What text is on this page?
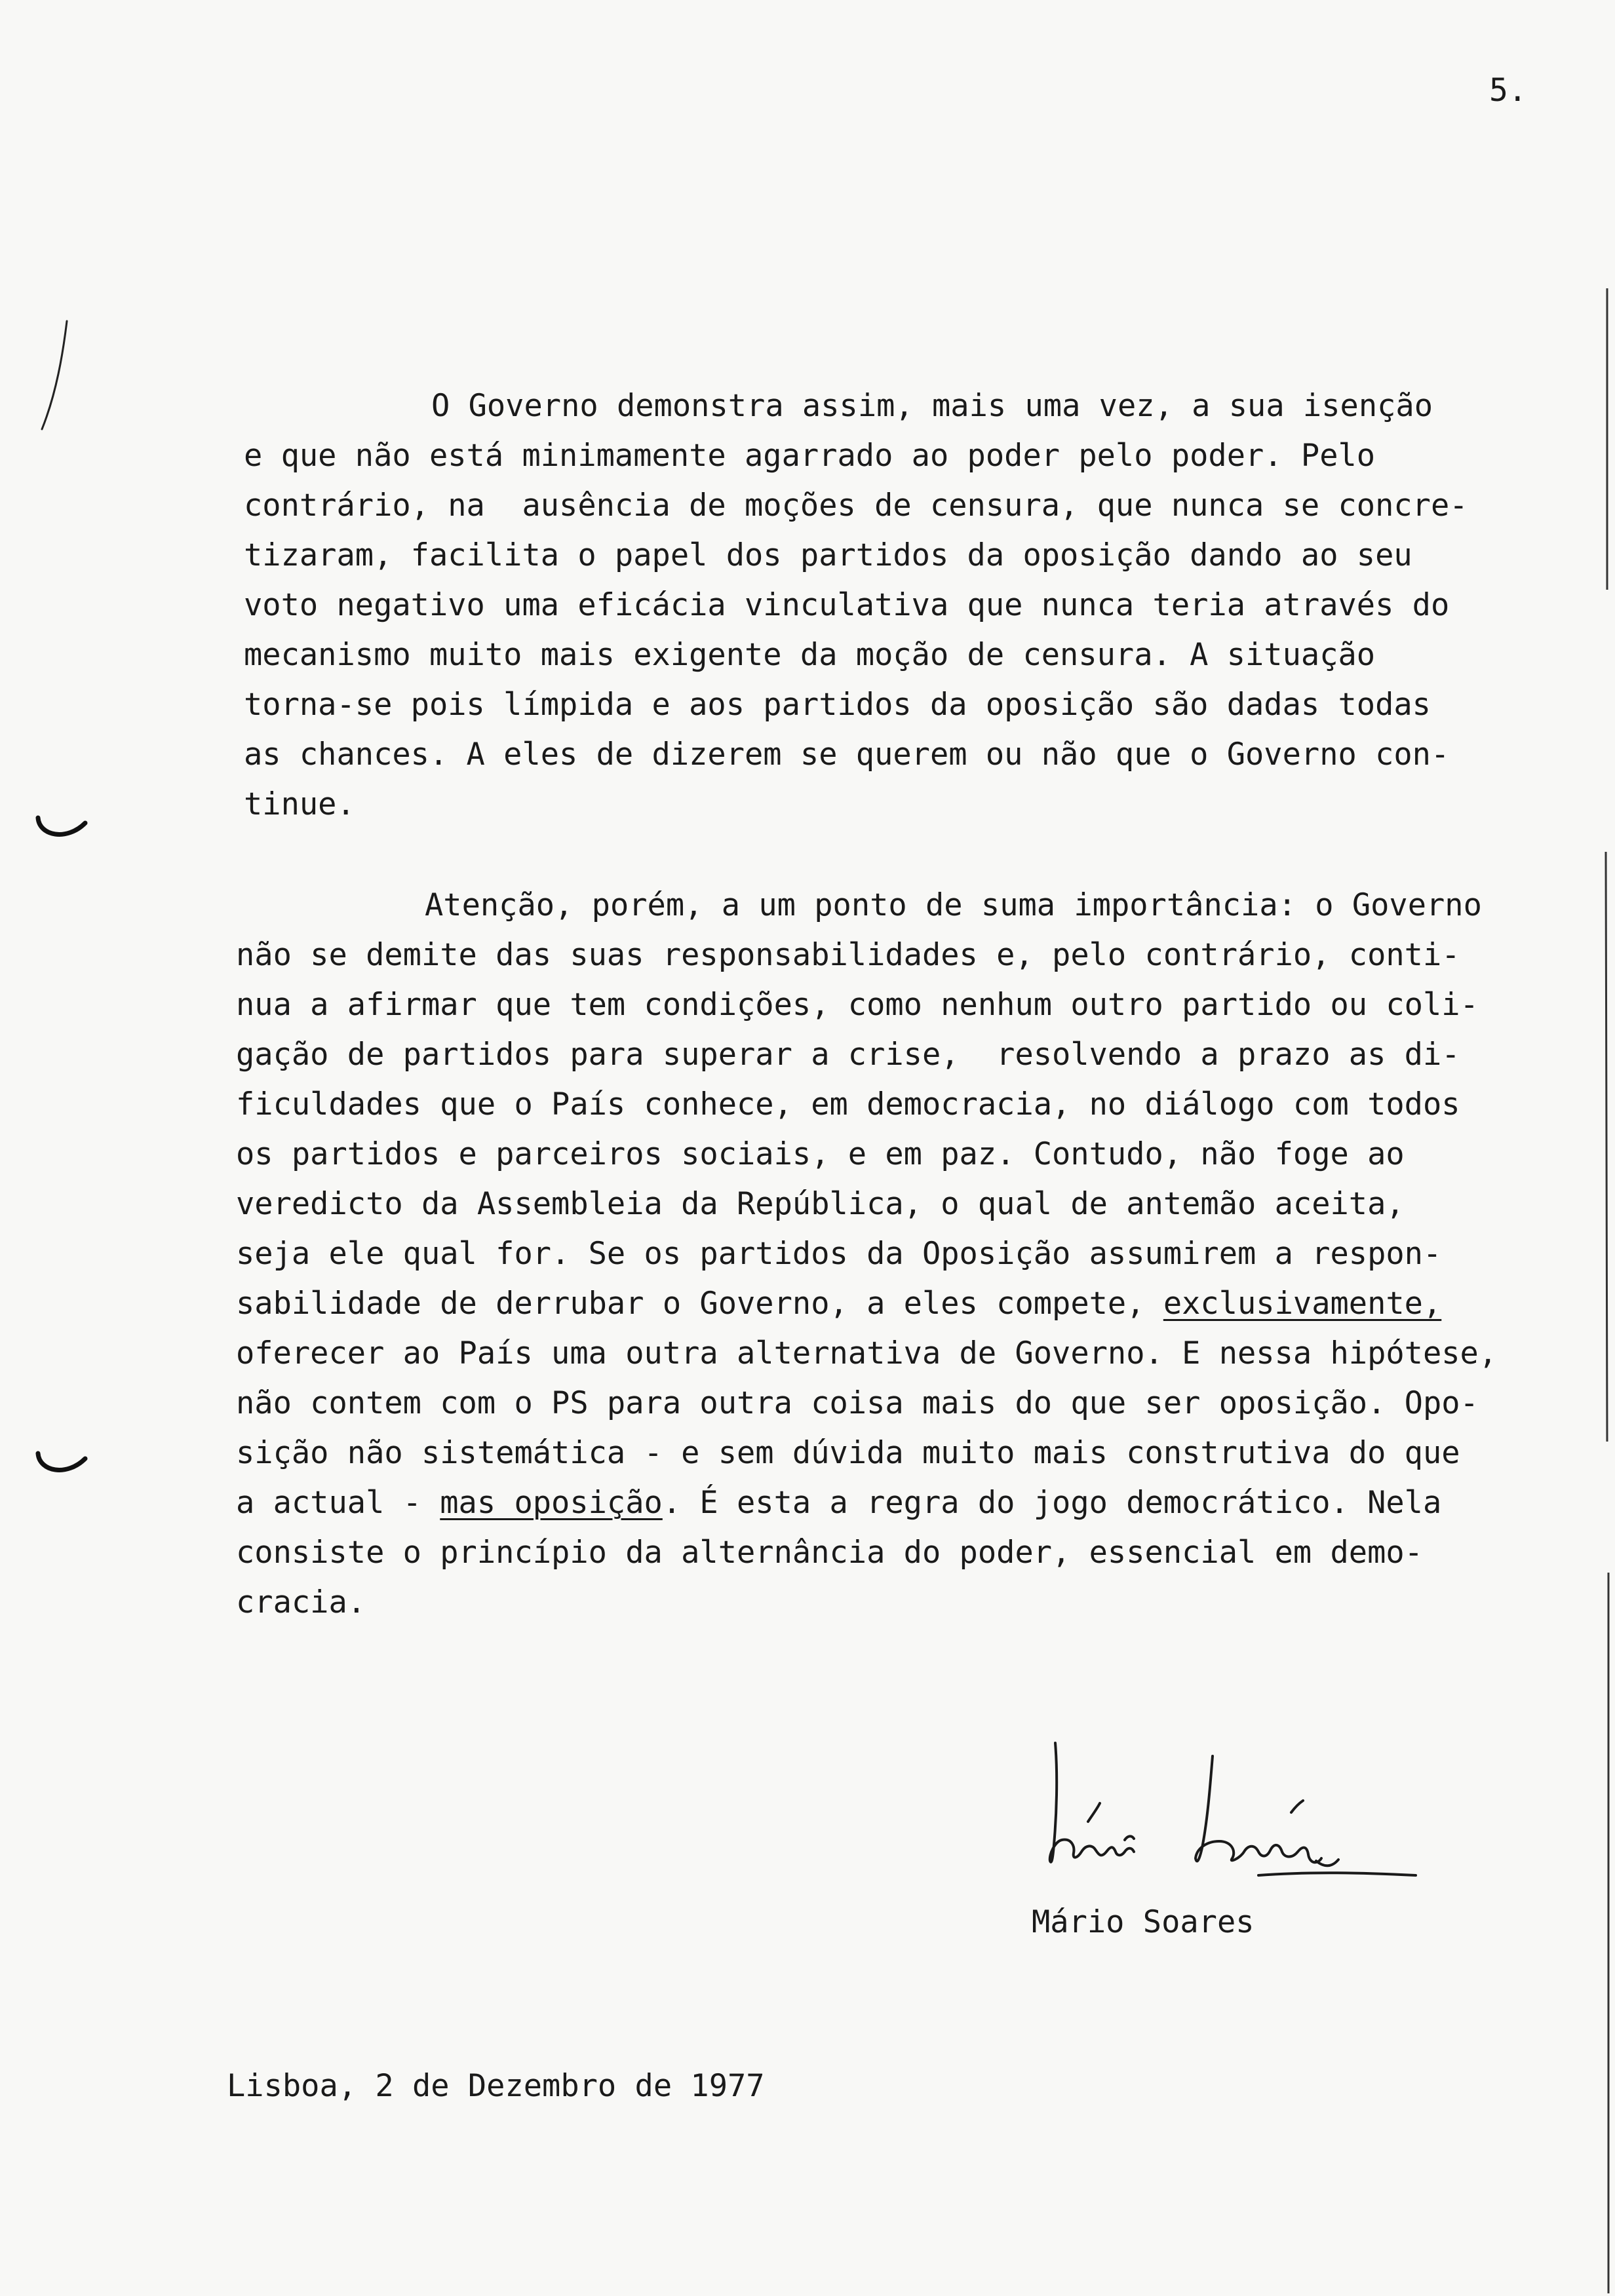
5.
O Governo demonstra assim, mais uma vez, a sua isenção
e que não está minimamente agarrado ao poder pelo poder. Pelo
contrário, na  ausência de moções de censura, que nunca se concre-
tizaram, facilita o papel dos partidos da oposição dando ao seu
voto negativo uma eficácia vinculativa que nunca teria através do
mecanismo muito mais exigente da moção de censura. A situação
torna-se pois límpida e aos partidos da oposição são dadas todas
as chances. A eles de dizerem se querem ou não que o Governo con-
tinue.
Atenção, porém, a um ponto de suma importância: o Governo
não se demite das suas responsabilidades e, pelo contrário, conti-
nua a afirmar que tem condições, como nenhum outro partido ou coli-
gação de partidos para superar a crise,  resolvendo a prazo as di-
ficuldades que o País conhece, em democracia, no diálogo com todos
os partidos e parceiros sociais, e em paz. Contudo, não foge ao
veredicto da Assembleia da República, o qual de antemão aceita,
seja ele qual for. Se os partidos da Oposição assumirem a respon-
sabilidade de derrubar o Governo, a eles compete, exclusivamente,
oferecer ao País uma outra alternativa de Governo. E nessa hipótese,
não contem com o PS para outra coisa mais do que ser oposição. Opo-
sição não sistemática - e sem dúvida muito mais construtiva do que
a actual - mas oposição. É esta a regra do jogo democrático. Nela
consiste o princípio da alternância do poder, essencial em demo-
cracia.
Mário Soares
Lisboa, 2 de Dezembro de 1977
